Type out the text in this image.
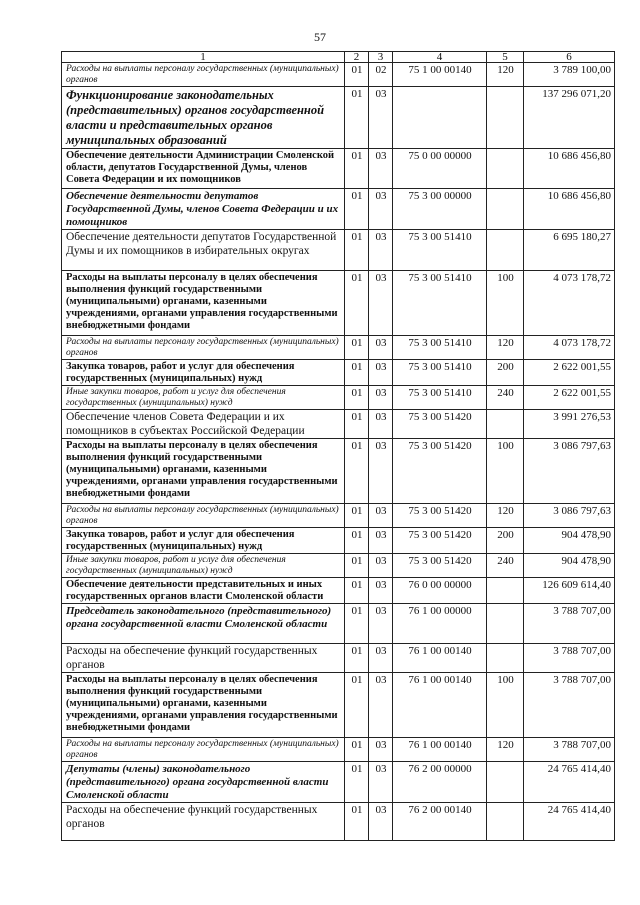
57
1	2	3	4	5	6
Расходы на выплаты персоналу государственных (муниципальных) органов	01	02	75 1 00 00140	120	3 789 100,00
Функционирование законодательных (представительных) органов государственной власти и представительных органов муниципальных образований	01	03			137 296 071,20
Обеспечение деятельности Администрации Смоленской области, депутатов Государственной Думы, членов Совета Федерации и их помощников	01	03	75 0 00 00000		10 686 456,80
Обеспечение деятельности депутатов Государственной Думы, членов Совета Федерации и их помощников	01	03	75 3 00 00000		10 686 456,80
Обеспечение деятельности депутатов Государственной Думы и их помощников в избирательных округах	01	03	75 3 00 51410		6 695 180,27
Расходы на выплаты персоналу в целях обеспечения выполнения функций государственными (муниципальными) органами, казенными учреждениями, органами управления государственными внебюджетными фондами	01	03	75 3 00 51410	100	4 073 178,72
Расходы на выплаты персоналу государственных (муниципальных) органов	01	03	75 3 00 51410	120	4 073 178,72
Закупка товаров, работ и услуг для обеспечения государственных (муниципальных) нужд	01	03	75 3 00 51410	200	2 622 001,55
Иные закупки товаров, работ и услуг для обеспечения государственных (муниципальных) нужд	01	03	75 3 00 51410	240	2 622 001,55
Обеспечение членов Совета Федерации и их помощников в субъектах Российской Федерации	01	03	75 3 00 51420		3 991 276,53
Расходы на выплаты персоналу в целях обеспечения выполнения функций государственными (муниципальными) органами, казенными учреждениями, органами управления государственными внебюджетными фондами	01	03	75 3 00 51420	100	3 086 797,63
Расходы на выплаты персоналу государственных (муниципальных) органов	01	03	75 3 00 51420	120	3 086 797,63
Закупка товаров, работ и услуг для обеспечения государственных (муниципальных) нужд	01	03	75 3 00 51420	200	904 478,90
Иные закупки товаров, работ и услуг для обеспечения государственных (муниципальных) нужд	01	03	75 3 00 51420	240	904 478,90
Обеспечение деятельности представительных и иных государственных органов власти Смоленской области	01	03	76 0 00 00000		126 609 614,40
Председатель законодательного (представительного) органа государственной власти Смоленской области	01	03	76 1 00 00000		3 788 707,00
Расходы на обеспечение функций государственных органов	01	03	76 1 00 00140		3 788 707,00
Расходы на выплаты персоналу в целях обеспечения выполнения функций государственными (муниципальными) органами, казенными учреждениями, органами управления государственными внебюджетными фондами	01	03	76 1 00 00140	100	3 788 707,00
Расходы на выплаты персоналу государственных (муниципальных) органов	01	03	76 1 00 00140	120	3 788 707,00
Депутаты (члены) законодательного (представительного) органа государственной власти Смоленской области	01	03	76 2 00 00000		24 765 414,40
Расходы на обеспечение функций государственных органов	01	03	76 2 00 00140		24 765 414,40
